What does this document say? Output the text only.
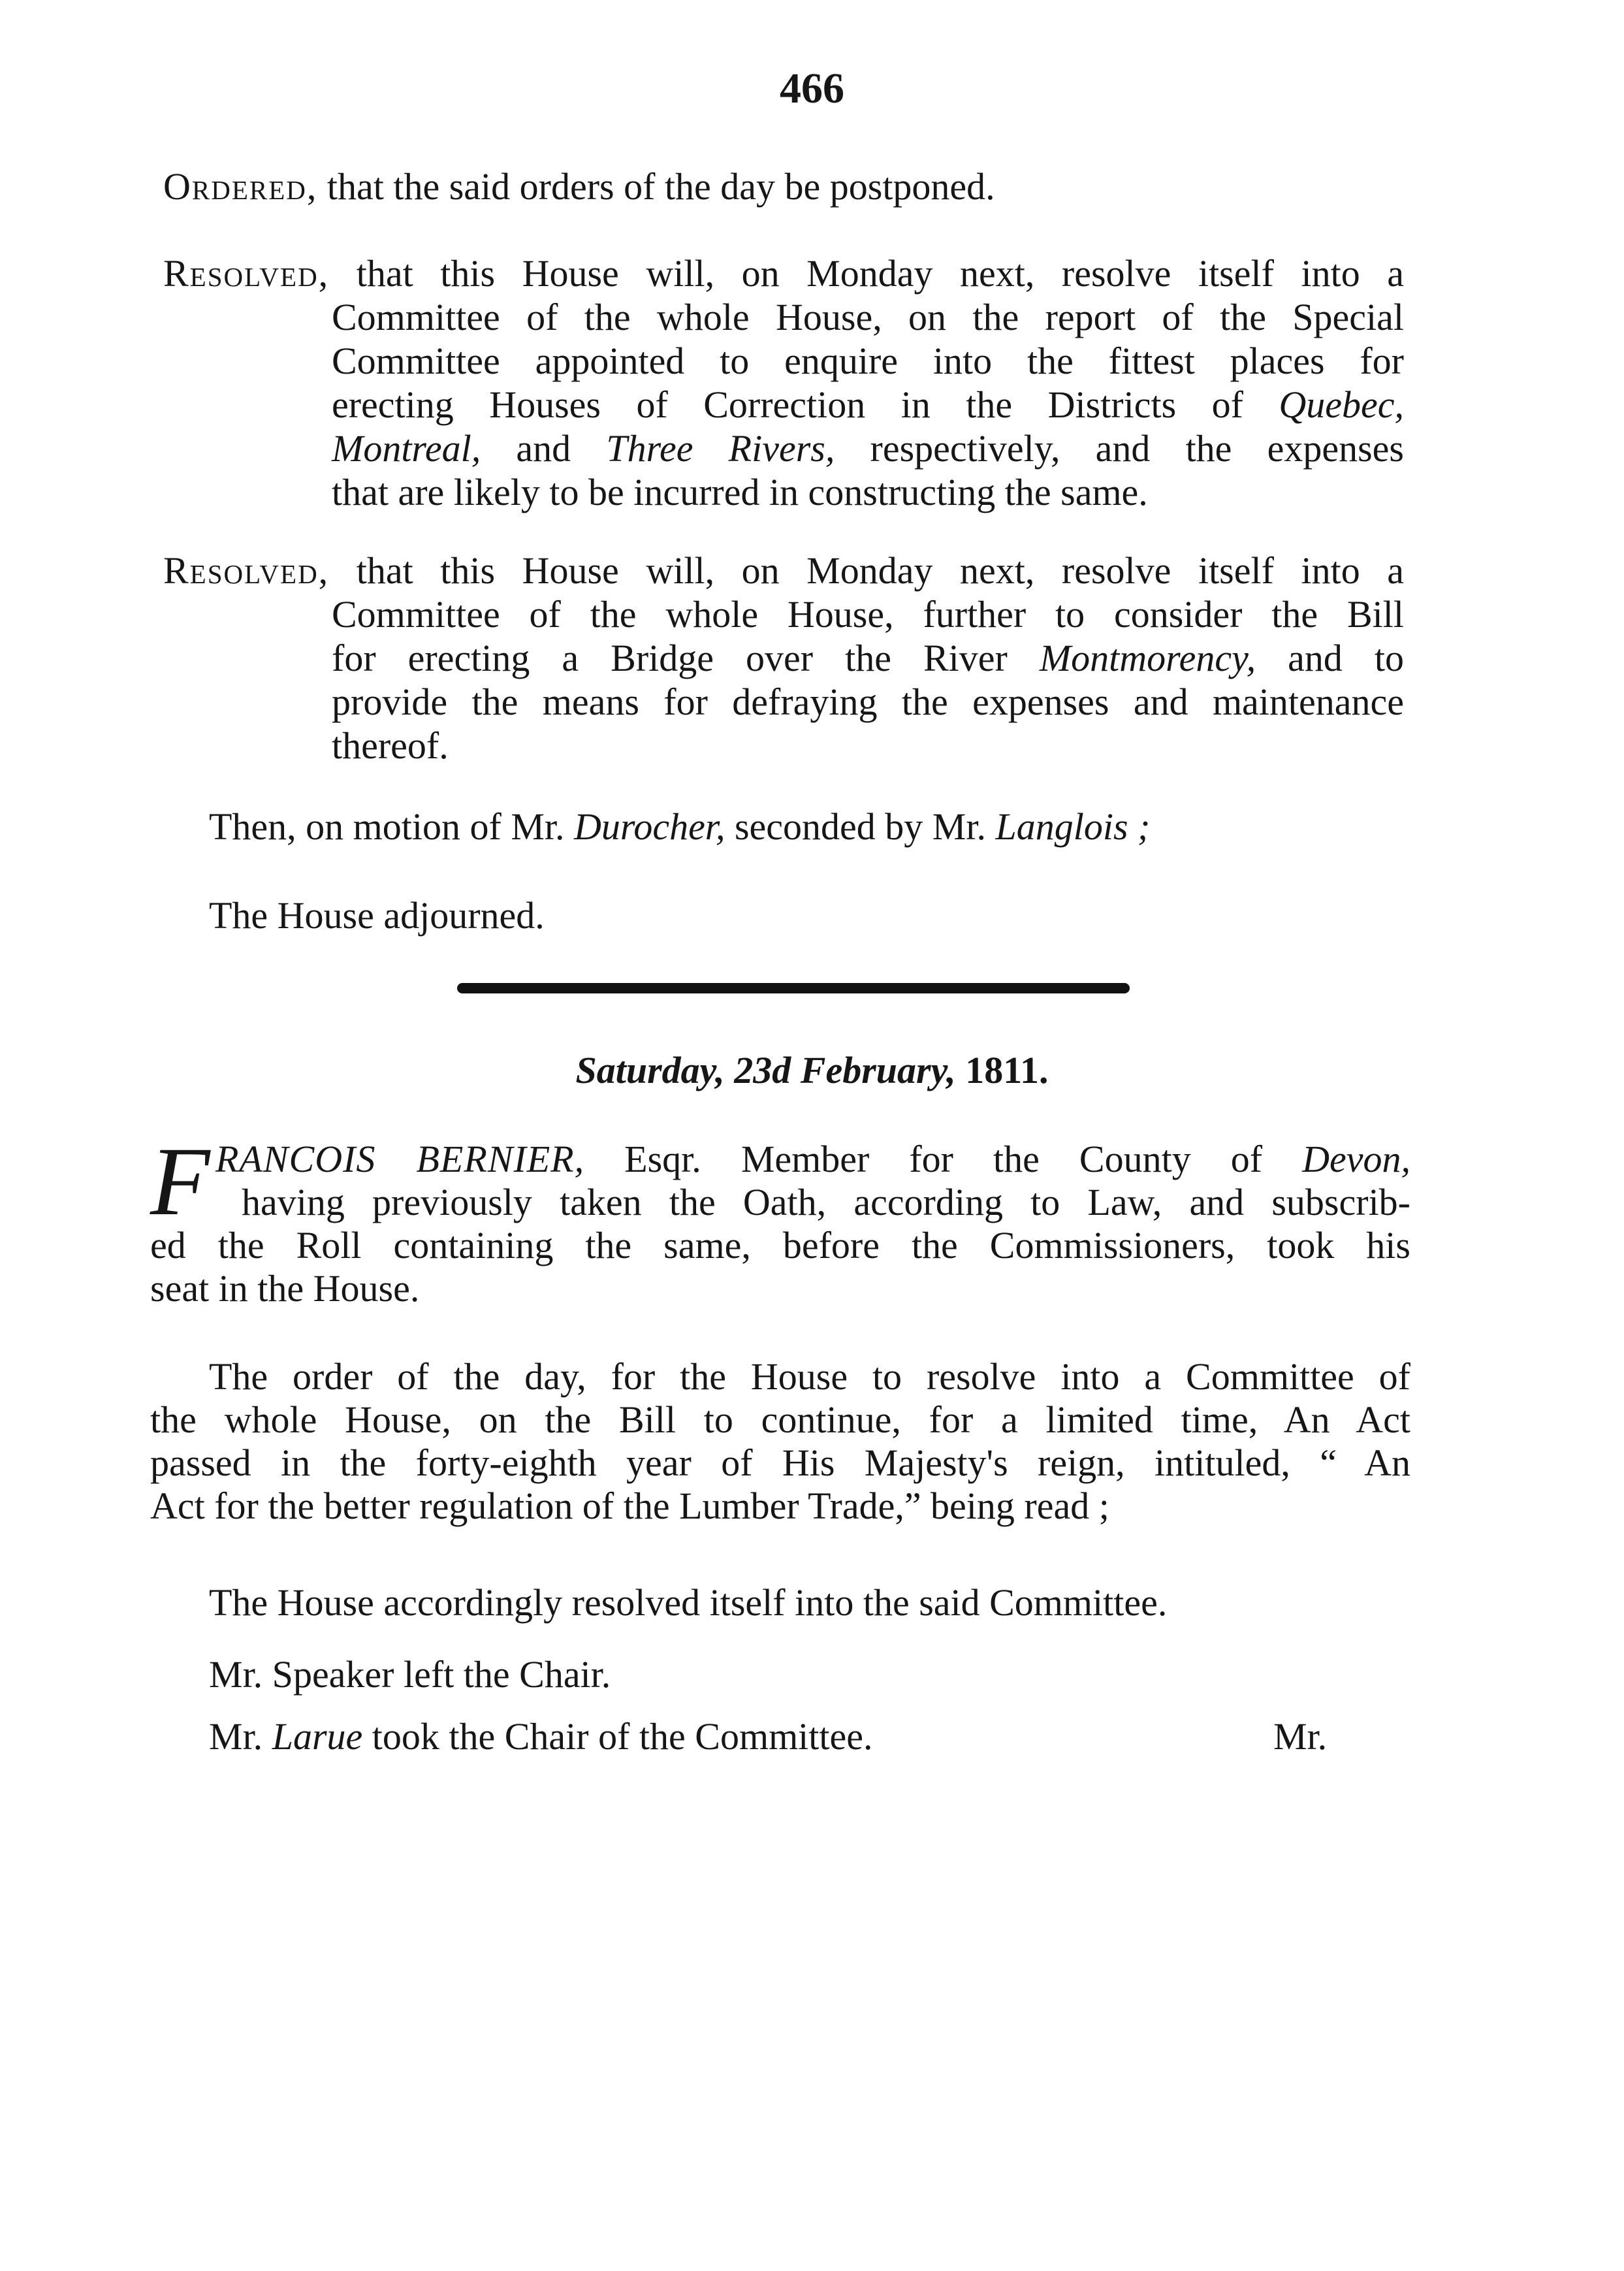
466

Ordered, that the said orders of the day be postponed.

Resolved, that this House will, on Monday next, resolve itself into a
Committee of the whole House, on the report of the Special
Committee appointed to enquire into the fittest places for
erecting Houses of Correction in the Districts of Quebec,
Montreal, and Three Rivers, respectively, and the expenses
that are likely to be incurred in constructing the same.
Resolved, that this House will, on Monday next, resolve itself into a
Committee of the whole House, further to consider the Bill
for erecting a Bridge over the River Montmorency, and to
provide the means for defraying the expenses and maintenance
thereof.

Then, on motion of Mr. Durocher, seconded by Mr. Langlois ;

The House adjourned.

Saturday, 23d February, 1811.
F RANCOIS BERNIER, Esqr. Member for the County of Devon,
having previously taken the Oath, according to Law, and subscrib-
ed the Roll containing the same, before the Commissioners, took his
seat in the House.
The order of the day, for the House to resolve into a Committee of
the whole House, on the Bill to continue, for a limited time, An Act
passed in the forty-eighth year of His Majesty's reign, intituled, “ An
Act for the better regulation of the Lumber Trade,” being read ;

The House accordingly resolved itself into the said Committee.

Mr. Speaker left the Chair.

Mr. Larue took the Chair of the Committee.	Mr.
